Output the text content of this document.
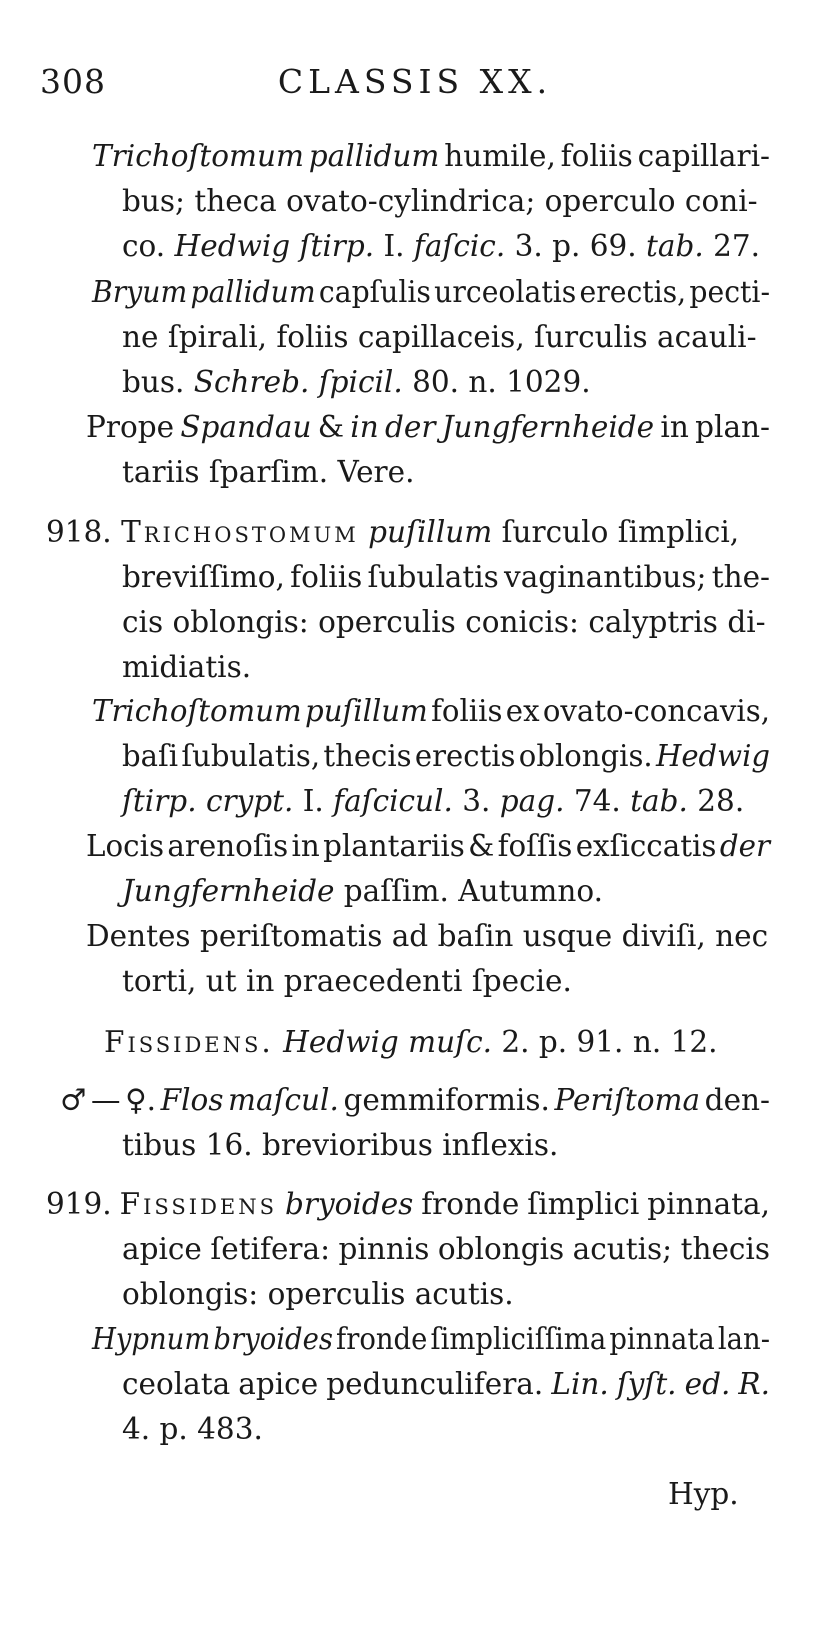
308	CLASSIS XX.
Trichoſtomum pallidum humile, foliis capillari-
bus; theca ovato-cylindrica; operculo coni-
co. Hedwig ſtirp. I. faſcic. 3. p. 69. tab. 27.
Bryum pallidum capſulis urceolatis erectis, pecti-
ne ſpirali, foliis capillaceis, ſurculis acauli-
bus. Schreb. ſpicil. 80. n. 1029.
Prope Spandau & in der Jungfernheide in plan-
tariis ſparſim. Vere.
918. Trichostomum puſillum ſurculo ſimplici,
breviſſimo, foliis ſubulatis vaginantibus; the-
cis oblongis: operculis conicis: calyptris di-
midiatis.
Trichoſtomum puſillum foliis ex ovato-concavis,
baſi ſubulatis, thecis erectis oblongis. Hedwig
ſtirp. crypt. I. faſcicul. 3. pag. 74. tab. 28.
Locis arenoſis in plantariis & foſſis exſiccatis der
Jungfernheide paſſim. Autumno.
Dentes periſtomatis ad baſin usque diviſi, nec
torti, ut in praecedenti ſpecie.
Fissidens. Hedwig muſc. 2. p. 91. n. 12.
♂ — ♀. Flos maſcul. gemmiformis. Periſtoma den-
tibus 16. brevioribus inflexis.
919. Fissidens bryoides fronde ſimplici pinnata,
apice ſetifera: pinnis oblongis acutis; thecis
oblongis: operculis acutis.
Hypnum bryoides fronde ſimpliciſſima pinnata lan-
ceolata apice pedunculifera. Lin. ſyſt. ed. R.
4. p. 483.
Hyp.
